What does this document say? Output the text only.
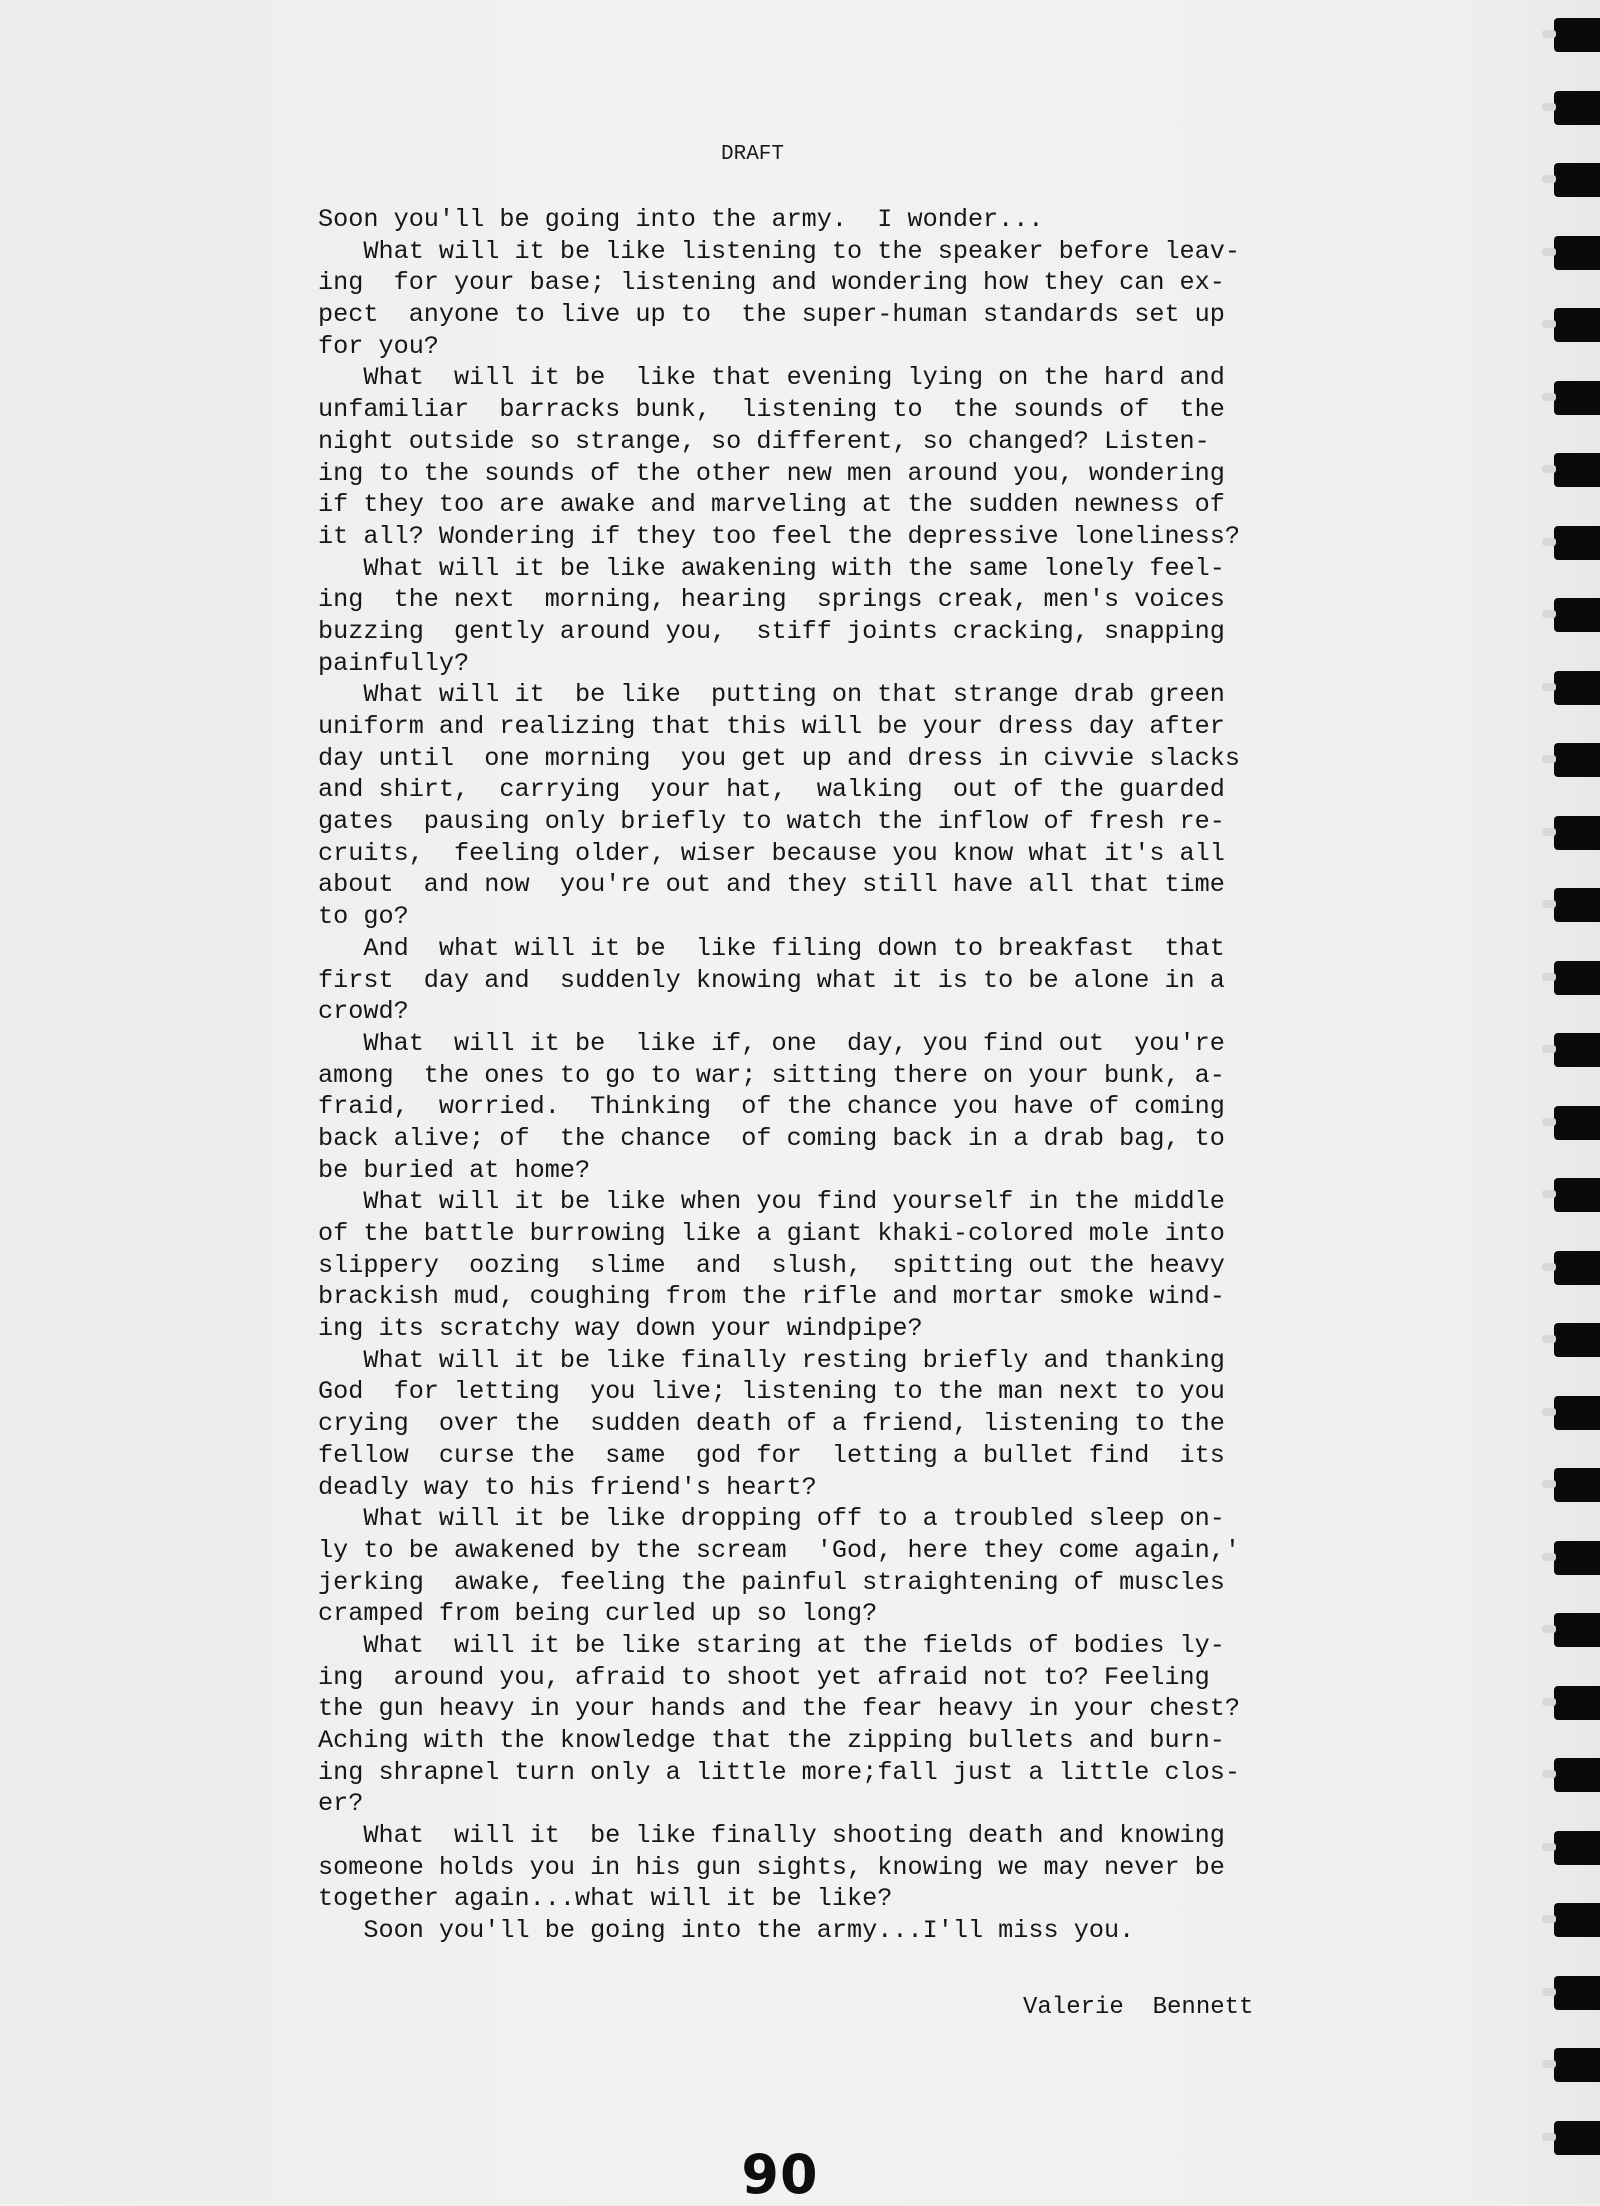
DRAFT
Soon you'll be going into the army.  I wonder...
What will it be like listening to the speaker before leav-
ing  for your base; listening and wondering how they can ex-
pect  anyone to live up to  the super-human standards set up
for you?
What  will it be  like that evening lying on the hard and
unfamiliar  barracks bunk,  listening to  the sounds of  the
night outside so strange, so different, so changed? Listen-
ing to the sounds of the other new men around you, wondering
if they too are awake and marveling at the sudden newness of
it all? Wondering if they too feel the depressive loneliness?
What will it be like awakening with the same lonely feel-
ing  the next  morning, hearing  springs creak, men's voices
buzzing  gently around you,  stiff joints cracking, snapping
painfully?
What will it  be like  putting on that strange drab green
uniform and realizing that this will be your dress day after
day until  one morning  you get up and dress in civvie slacks
and shirt,  carrying  your hat,  walking  out of the guarded
gates  pausing only briefly to watch the inflow of fresh re-
cruits,  feeling older, wiser because you know what it's all
about  and now  you're out and they still have all that time
to go?
And  what will it be  like filing down to breakfast  that
first  day and  suddenly knowing what it is to be alone in a
crowd?
What  will it be  like if, one  day, you find out  you're
among  the ones to go to war; sitting there on your bunk, a-
fraid,  worried.  Thinking  of the chance you have of coming
back alive; of  the chance  of coming back in a drab bag, to
be buried at home?
What will it be like when you find yourself in the middle
of the battle burrowing like a giant khaki-colored mole into
slippery  oozing  slime  and  slush,  spitting out the heavy
brackish mud, coughing from the rifle and mortar smoke wind-
ing its scratchy way down your windpipe?
What will it be like finally resting briefly and thanking
God  for letting  you live; listening to the man next to you
crying  over the  sudden death of a friend, listening to the
fellow  curse the  same  god for  letting a bullet find  its
deadly way to his friend's heart?
What will it be like dropping off to a troubled sleep on-
ly to be awakened by the scream  'God, here they come again,'
jerking  awake, feeling the painful straightening of muscles
cramped from being curled up so long?
What  will it be like staring at the fields of bodies ly-
ing  around you, afraid to shoot yet afraid not to? Feeling
the gun heavy in your hands and the fear heavy in your chest?
Aching with the knowledge that the zipping bullets and burn-
ing shrapnel turn only a little more;fall just a little clos-
er?
What  will it  be like finally shooting death and knowing
someone holds you in his gun sights, knowing we may never be
together again...what will it be like?
Soon you'll be going into the army...I'll miss you.
Valerie  Bennett
90
